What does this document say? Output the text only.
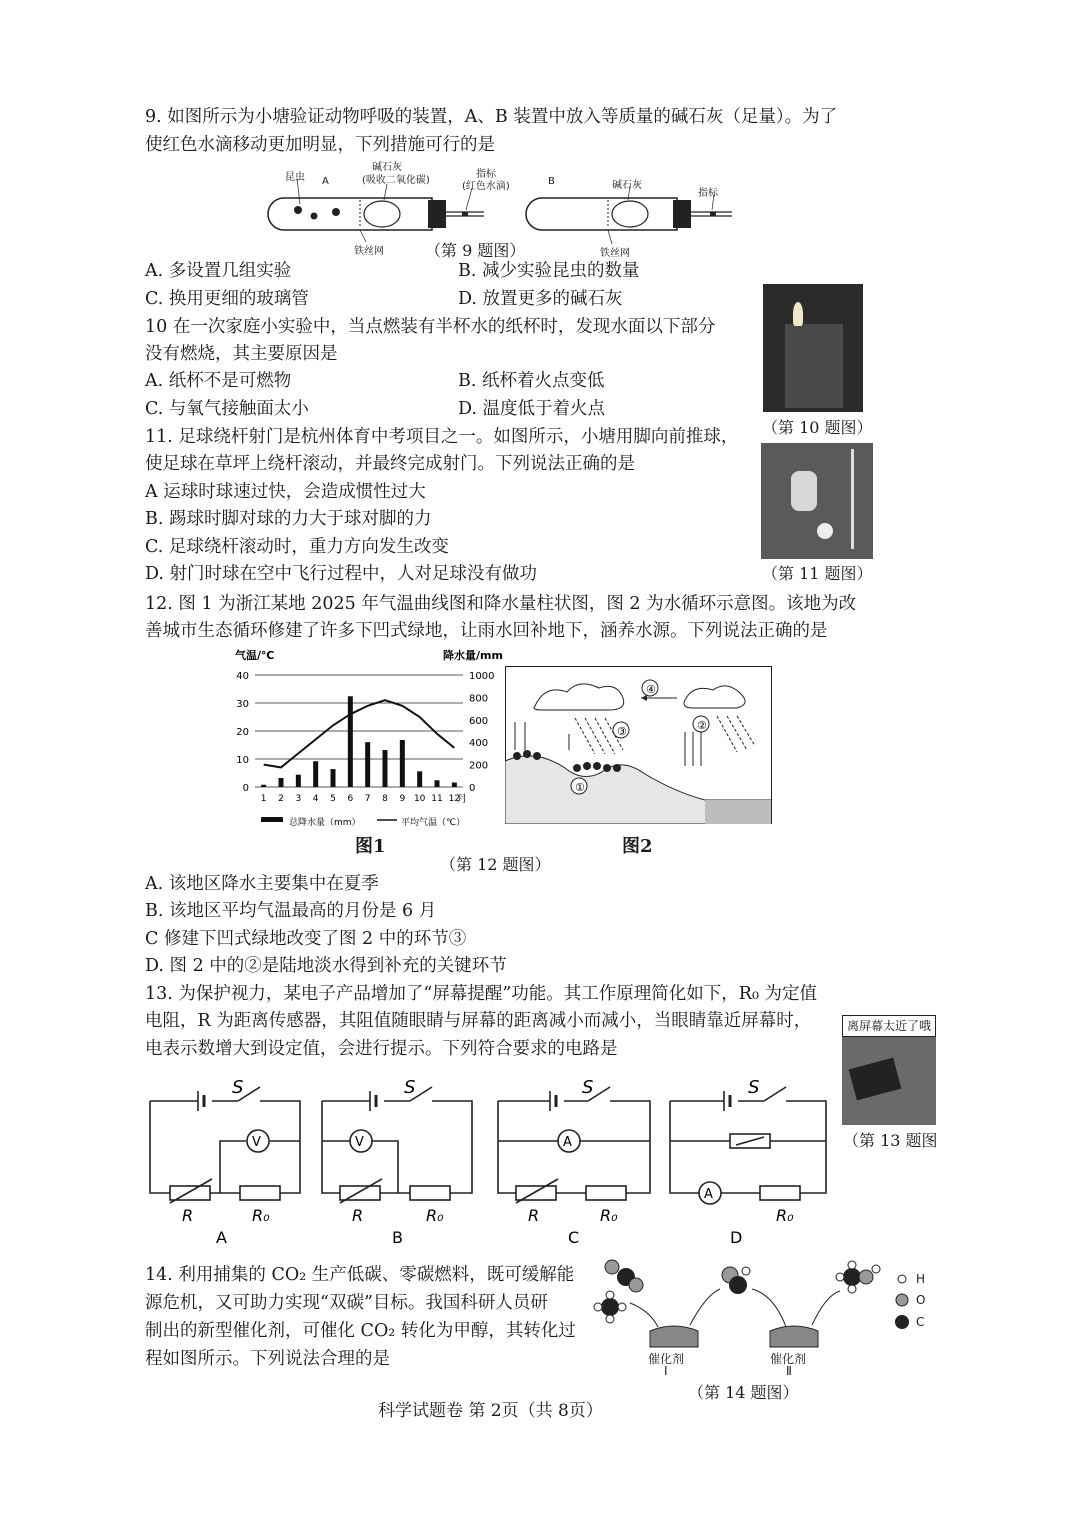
9. 如图所示为小塘验证动物呼吸的装置，A、B 装置中放入等质量的碱石灰（足量）。为了
使红色水滴移动更加明显，下列措施可行的是
昆虫 A
碱石灰
(吸收二氧化碳)
指标
(红色水滴)	B	碱石灰
指标
铁丝网	铁丝网
（第 9 题图）
A. 多设置几组实验	B. 减少实验昆虫的数量
C. 换用更细的玻璃管	D. 放置更多的碱石灰
10 在一次家庭小实验中，当点燃装有半杯水的纸杯时，发现水面以下部分
没有燃烧，其主要原因是
A. 纸杯不是可燃物	B. 纸杯着火点变低
C. 与氧气接触面太小	D. 温度低于着火点
（第 10 题图）
11. 足球绕杆射门是杭州体育中考项目之一。如图所示，小塘用脚向前推球，
使足球在草坪上绕杆滚动，并最终完成射门。下列说法正确的是
A 运球时球速过快，会造成惯性过大
B. 踢球时脚对球的力大于球对脚的力
C. 足球绕杆滚动时，重力方向发生改变
D. 射门时球在空中飞行过程中，人对足球没有做功	（第 11 题图）
12. 图 1 为浙江某地 2025 年气温曲线图和降水量柱状图，图 2 为水循环示意图。该地为改
善城市生态循环修建了许多下凹式绿地，让雨水回补地下，涵养水源。下列说法正确的是
气温/℃	降水量/mm
0
10
20
30
40
0
200
400
600
800
1000
1 2 3 4 5 6 7 8 9 10 11 12
月
总降水量（mm）	平均气温（℃）
图1
④
②
③
①
图2
（第 12 题图）
A. 该地区降水主要集中在夏季
B. 该地区平均气温最高的月份是 6 月
C 修建下凹式绿地改变了图 2 中的环节③
D. 图 2 中的②是陆地淡水得到补充的关键环节
13. 为保护视力，某电子产品增加了“屏幕提醒”功能。其工作原理简化如下，R₀ 为定值
电阻，R 为距离传感器，其阻值随眼睛与屏幕的距离减小而减小，当眼睛靠近屏幕时，
电表示数增大到设定值，会进行提示。下列符合要求的电路是
离屏幕太近了哦
（第 13 题图
S
V
R	R₀
S
V
R	R₀
S
A
R	R₀
S
A
R₀
A	B	C	D
14. 利用捕集的 CO₂ 生产低碳、零碳燃料，既可缓解能
源危机，又可助力实现“双碳”目标。我国科研人员研
制出的新型催化剂，可催化 CO₂ 转化为甲醇，其转化过
程如图所示。下列说法合理的是
H
O
C
催化剂
Ⅰ
催化剂
Ⅱ
（第 14 题图）
科学试题卷 第 2页（共 8页）
